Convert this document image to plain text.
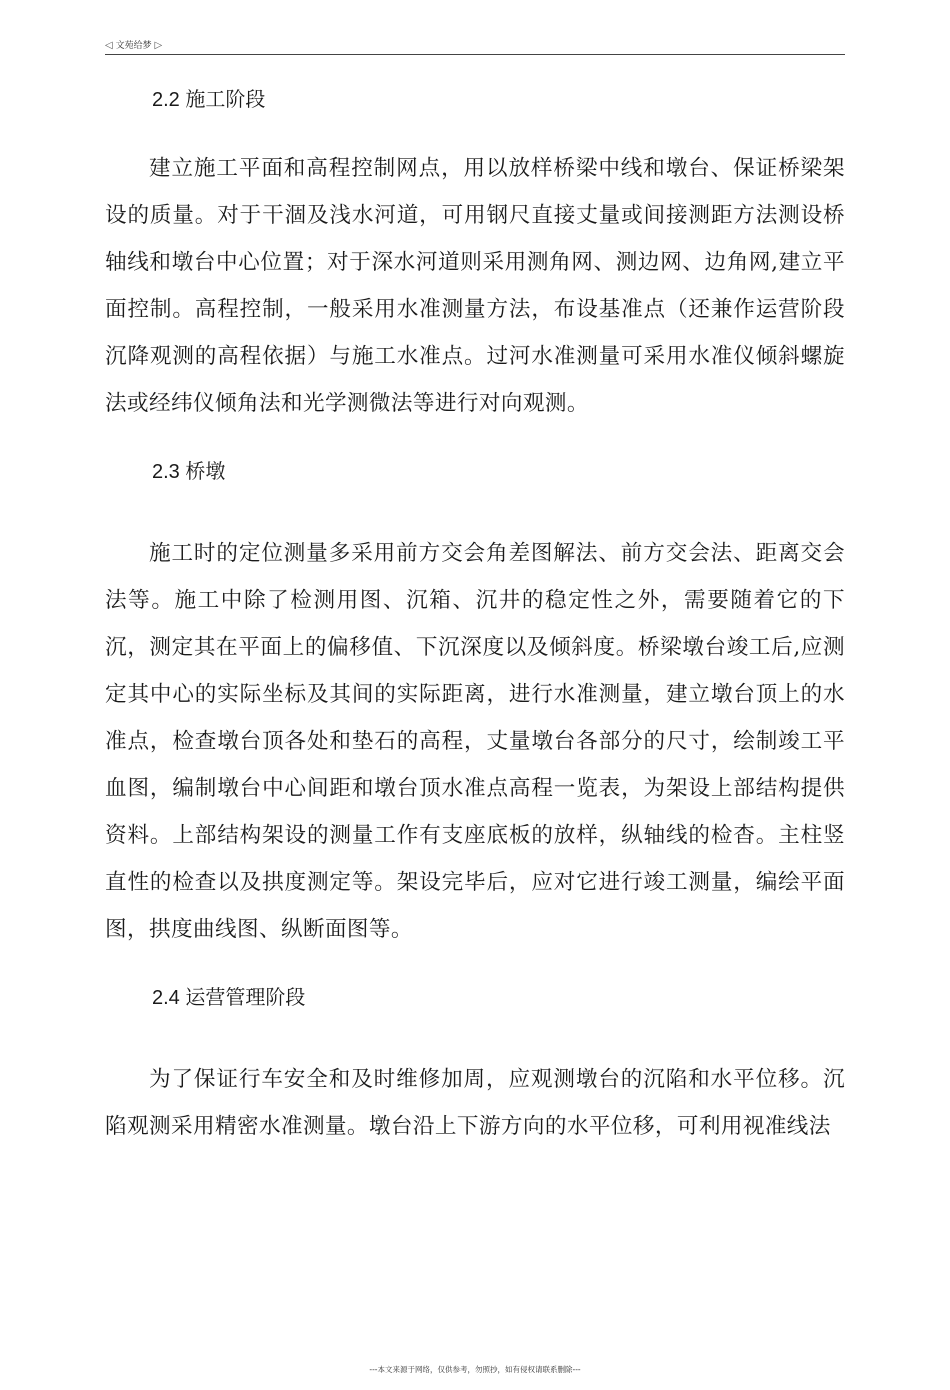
◁ 文苑给梦 ▷
2.2 施工阶段

建立施工平面和高程控制网点，用以放样桥梁中线和墩台、保证桥梁架设的质量。对于干涸及浅水河道，可用钢尺直接丈量或间接测距方法测设桥轴线和墩台中心位置；对于深水河道则采用测角网、测边网、边角网,建立平面控制。高程控制，一般采用水准测量方法，布设基准点（还兼作运营阶段沉降观测的高程依据）与施工水准点。过河水准测量可采用水准仪倾斜螺旋法或经纬仪倾角法和光学测微法等进行对向观测。

2.3 桥墩

施工时的定位测量多采用前方交会角差图解法、前方交会法、距离交会法等。施工中除了检测用图、沉箱、沉井的稳定性之外，需要随着它的下沉，测定其在平面上的偏移值、下沉深度以及倾斜度。桥梁墩台竣工后,应测定其中心的实际坐标及其间的实际距离，进行水准测量，建立墩台顶上的水准点，检查墩台顶各处和垫石的高程，丈量墩台各部分的尺寸，绘制竣工平血图，编制墩台中心间距和墩台顶水准点高程一览表，为架设上部结构提供资料。上部结构架设的测量工作有支座底板的放样，纵轴线的检杳。主柱竖直性的检查以及拱度测定等。架设完毕后，应对它进行竣工测量，编绘平面图，拱度曲线图、纵断面图等。

2.4 运营管理阶段

为了保证行车安全和及时维修加周，应观测墩台的沉陷和水平位移。沉陷观测采用精密水准测量。墩台沿上下游方向的水平位移，可利用视准线法

---本文来源于网络，仅供参考，勿照抄，如有侵权请联系删除---
